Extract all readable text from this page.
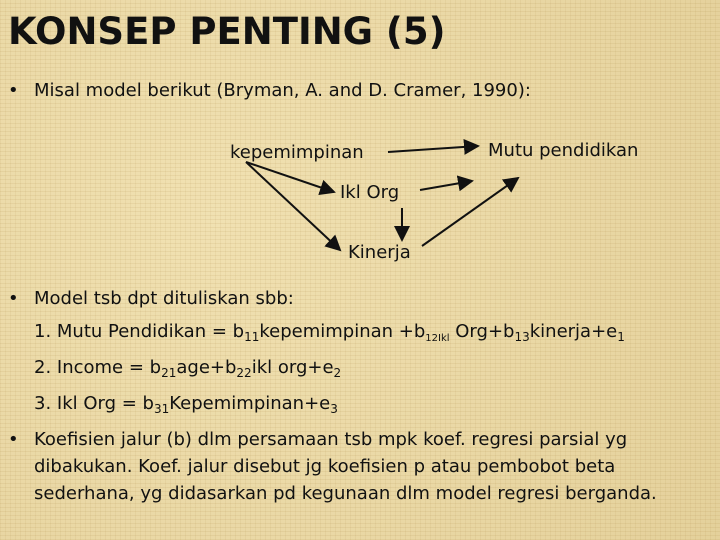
KONSEP PENTING (5)
• Misal model berikut (Bryman, A. and D. Cramer, 1990):
kepemimpinan	Mutu pendidikan
Ikl Org
Kinerja
• Model tsb dpt dituliskan sbb:
1. Mutu Pendidikan = $b_{11}kepemimpinan +b_{12Ikl}$ $Org+b_{13}kinerja+e_1$
2. Income = $b_{21}age+b_{22}ikl$ $org+e_2$
3. Ikl Org = $b_{31}Kepemimpinan+e_3$
• Koefisien jalur (b) dlm persamaan tsb mpk koef. regresi parsial yg dibakukan. Koef. jalur disebut jg koefisien p atau pembobot beta sederhana, yg didasarkan pd kegunaan dlm model regresi berganda.
